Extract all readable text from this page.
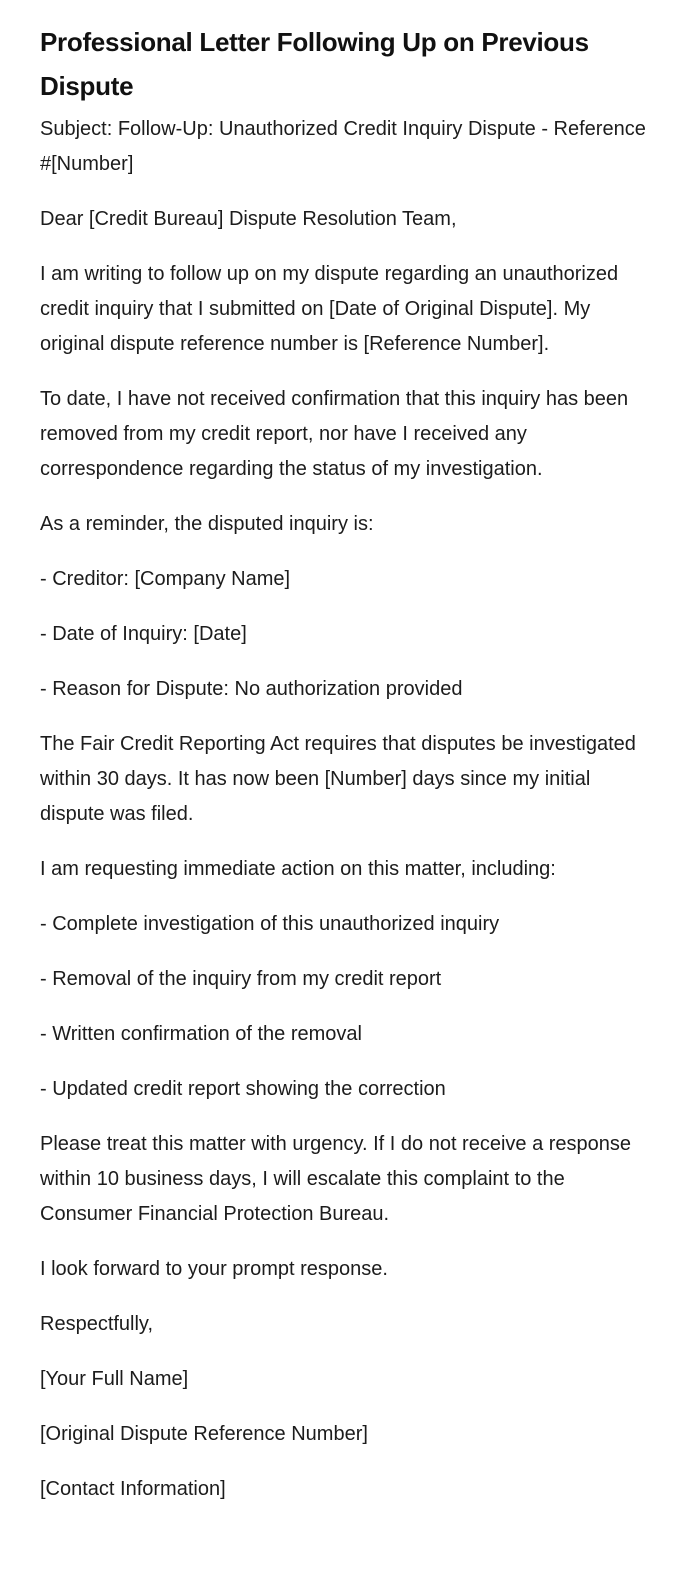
Professional Letter Following Up on Previous Dispute

Subject: Follow-Up: Unauthorized Credit Inquiry Dispute - Reference #[Number]

Dear [Credit Bureau] Dispute Resolution Team,

I am writing to follow up on my dispute regarding an unauthorized credit inquiry that I submitted on [Date of Original Dispute]. My original dispute reference number is [Reference Number].

To date, I have not received confirmation that this inquiry has been removed from my credit report, nor have I received any correspondence regarding the status of my investigation.

As a reminder, the disputed inquiry is:

- Creditor: [Company Name]

- Date of Inquiry: [Date]

- Reason for Dispute: No authorization provided

The Fair Credit Reporting Act requires that disputes be investigated within 30 days. It has now been [Number] days since my initial dispute was filed.

I am requesting immediate action on this matter, including:

- Complete investigation of this unauthorized inquiry

- Removal of the inquiry from my credit report

- Written confirmation of the removal

- Updated credit report showing the correction

Please treat this matter with urgency. If I do not receive a response within 10 business days, I will escalate this complaint to the Consumer Financial Protection Bureau.

I look forward to your prompt response.

Respectfully,

[Your Full Name]

[Original Dispute Reference Number]

[Contact Information]
